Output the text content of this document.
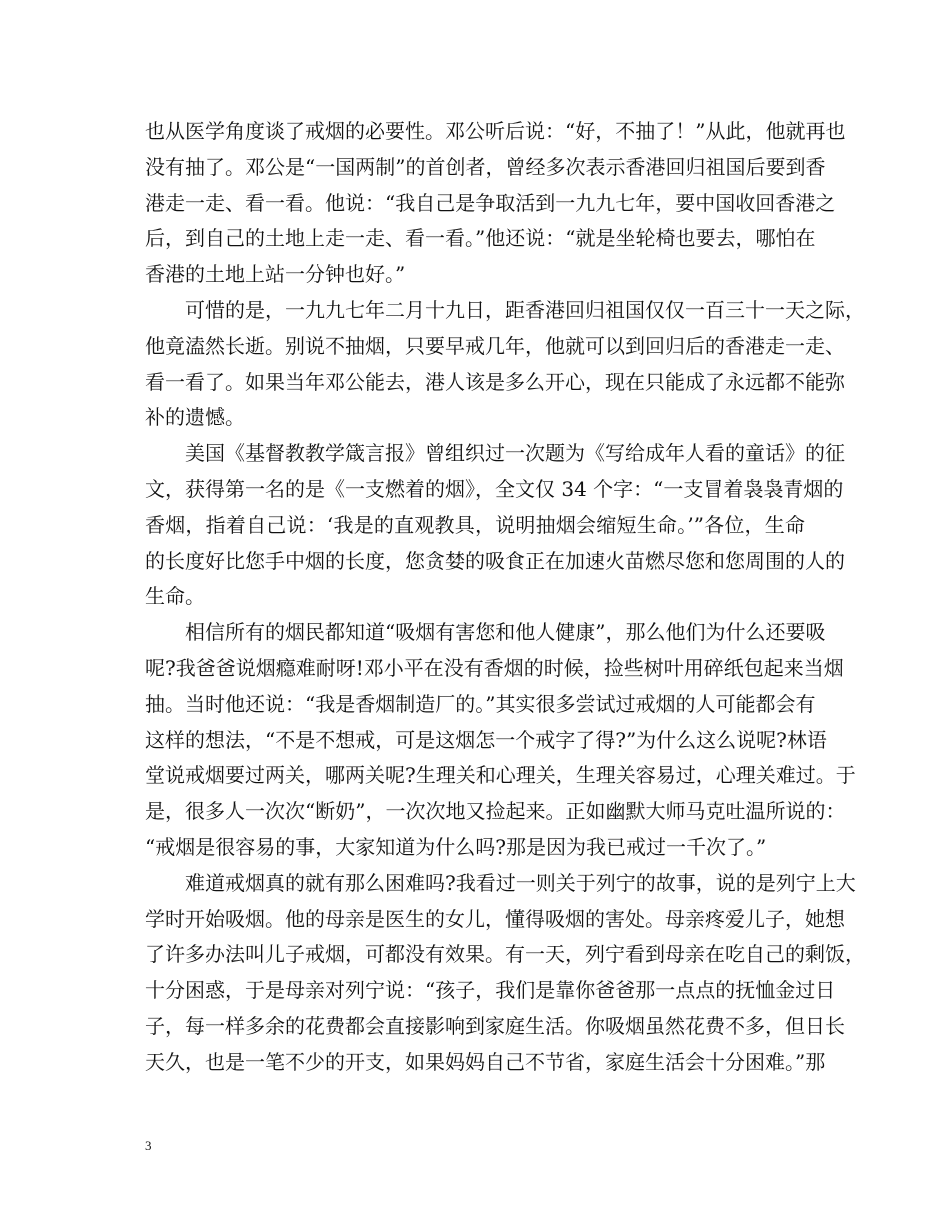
也从医学角度谈了戒烟的必要性。邓公听后说：“好，不抽了！”从此，他就再也
没有抽了。邓公是“一国两制”的首创者，曾经多次表示香港回归祖国后要到香
港走一走、看一看。他说：“我自己是争取活到一九九七年，要中国收回香港之
后，到自己的土地上走一走、看一看。”他还说：“就是坐轮椅也要去，哪怕在
香港的土地上站一分钟也好。”
可惜的是，一九九七年二月十九日，距香港回归祖国仅仅一百三十一天之际，
他竟溘然长逝。别说不抽烟，只要早戒几年，他就可以到回归后的香港走一走、
看一看了。如果当年邓公能去，港人该是多么开心，现在只能成了永远都不能弥
补的遗憾。
美国《基督教教学箴言报》曾组织过一次题为《写给成年人看的童话》的征
文，获得第一名的是《一支燃着的烟》，全文仅 34 个字：“一支冒着袅袅青烟的
香烟，指着自己说：‘我是的直观教具，说明抽烟会缩短生命。’”各位，生命
的长度好比您手中烟的长度，您贪婪的吸食正在加速火苗燃尽您和您周围的人的
生命。
相信所有的烟民都知道“吸烟有害您和他人健康”，那么他们为什么还要吸
呢?我爸爸说烟瘾难耐呀!邓小平在没有香烟的时候，捡些树叶用碎纸包起来当烟
抽。当时他还说：“我是香烟制造厂的。”其实很多尝试过戒烟的人可能都会有
这样的想法，“不是不想戒，可是这烟怎一个戒字了得?”为什么这么说呢?林语
堂说戒烟要过两关，哪两关呢?生理关和心理关，生理关容易过，心理关难过。于
是，很多人一次次“断奶”，一次次地又捡起来。正如幽默大师马克吐温所说的：
“戒烟是很容易的事，大家知道为什么吗?那是因为我已戒过一千次了。”
难道戒烟真的就有那么困难吗?我看过一则关于列宁的故事，说的是列宁上大
学时开始吸烟。他的母亲是医生的女儿，懂得吸烟的害处。母亲疼爱儿子，她想
了许多办法叫儿子戒烟，可都没有效果。有一天，列宁看到母亲在吃自己的剩饭，
十分困惑，于是母亲对列宁说：“孩子，我们是靠你爸爸那一点点的抚恤金过日
子，每一样多余的花费都会直接影响到家庭生活。你吸烟虽然花费不多，但日长
天久，也是一笔不少的开支，如果妈妈自己不节省，家庭生活会十分困难。”那
3
